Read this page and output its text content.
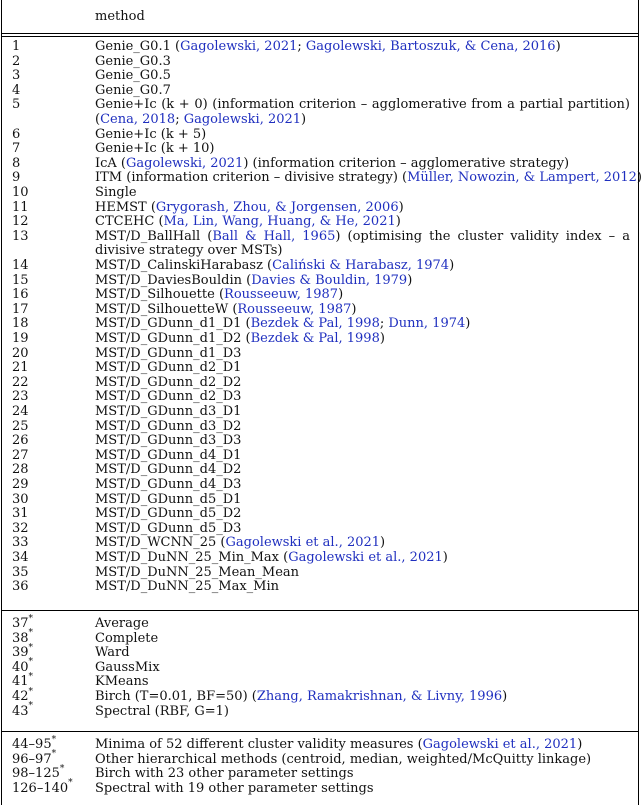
method
1	Genie_G0.1 (Gagolewski, 2021; Gagolewski, Bartoszuk, & Cena, 2016)
2	Genie_G0.3
3	Genie_G0.5
4	Genie_G0.7
5	Genie+Ic (k + 0) (information criterion – agglomerative from a partial partition) (Cena, 2018; Gagolewski, 2021)
6	Genie+Ic (k + 5)
7	Genie+Ic (k + 10)
8	IcA (Gagolewski, 2021) (information criterion – agglomerative strategy)
9	ITM (information criterion – divisive strategy) (Müller, Nowozin, & Lampert, 2012)
10	Single
11	HEMST (Grygorash, Zhou, & Jorgensen, 2006)
12	CTCEHC (Ma, Lin, Wang, Huang, & He, 2021)
13	MST/D_BallHall (Ball & Hall, 1965) (optimising the cluster validity index – a divisive strategy over MSTs)
14	MST/D_CalinskiHarabasz (Caliński & Harabasz, 1974)
15	MST/D_DaviesBouldin (Davies & Bouldin, 1979)
16	MST/D_Silhouette (Rousseeuw, 1987)
17	MST/D_SilhouetteW (Rousseeuw, 1987)
18	MST/D_GDunn_d1_D1 (Bezdek & Pal, 1998; Dunn, 1974)
19	MST/D_GDunn_d1_D2 (Bezdek & Pal, 1998)
20	MST/D_GDunn_d1_D3
21	MST/D_GDunn_d2_D1
22	MST/D_GDunn_d2_D2
23	MST/D_GDunn_d2_D3
24	MST/D_GDunn_d3_D1
25	MST/D_GDunn_d3_D2
26	MST/D_GDunn_d3_D3
27	MST/D_GDunn_d4_D1
28	MST/D_GDunn_d4_D2
29	MST/D_GDunn_d4_D3
30	MST/D_GDunn_d5_D1
31	MST/D_GDunn_d5_D2
32	MST/D_GDunn_d5_D3
33	MST/D_WCNN_25 (Gagolewski et al., 2021)
34	MST/D_DuNN_25_Min_Max (Gagolewski et al., 2021)
35	MST/D_DuNN_25_Mean_Mean
36	MST/D_DuNN_25_Max_Min
37*	Average
38*	Complete
39*	Ward
40*	GaussMix
41*	KMeans
42*	Birch (T=0.01, BF=50) (Zhang, Ramakrishnan, & Livny, 1996)
43*	Spectral (RBF, G=1)
44–95*	Minima of 52 different cluster validity measures (Gagolewski et al., 2021)
96–97*	Other hierarchical methods (centroid, median, weighted/McQuitty linkage)
98–125* Birch with 23 other parameter settings
126–140* Spectral with 19 other parameter settings
